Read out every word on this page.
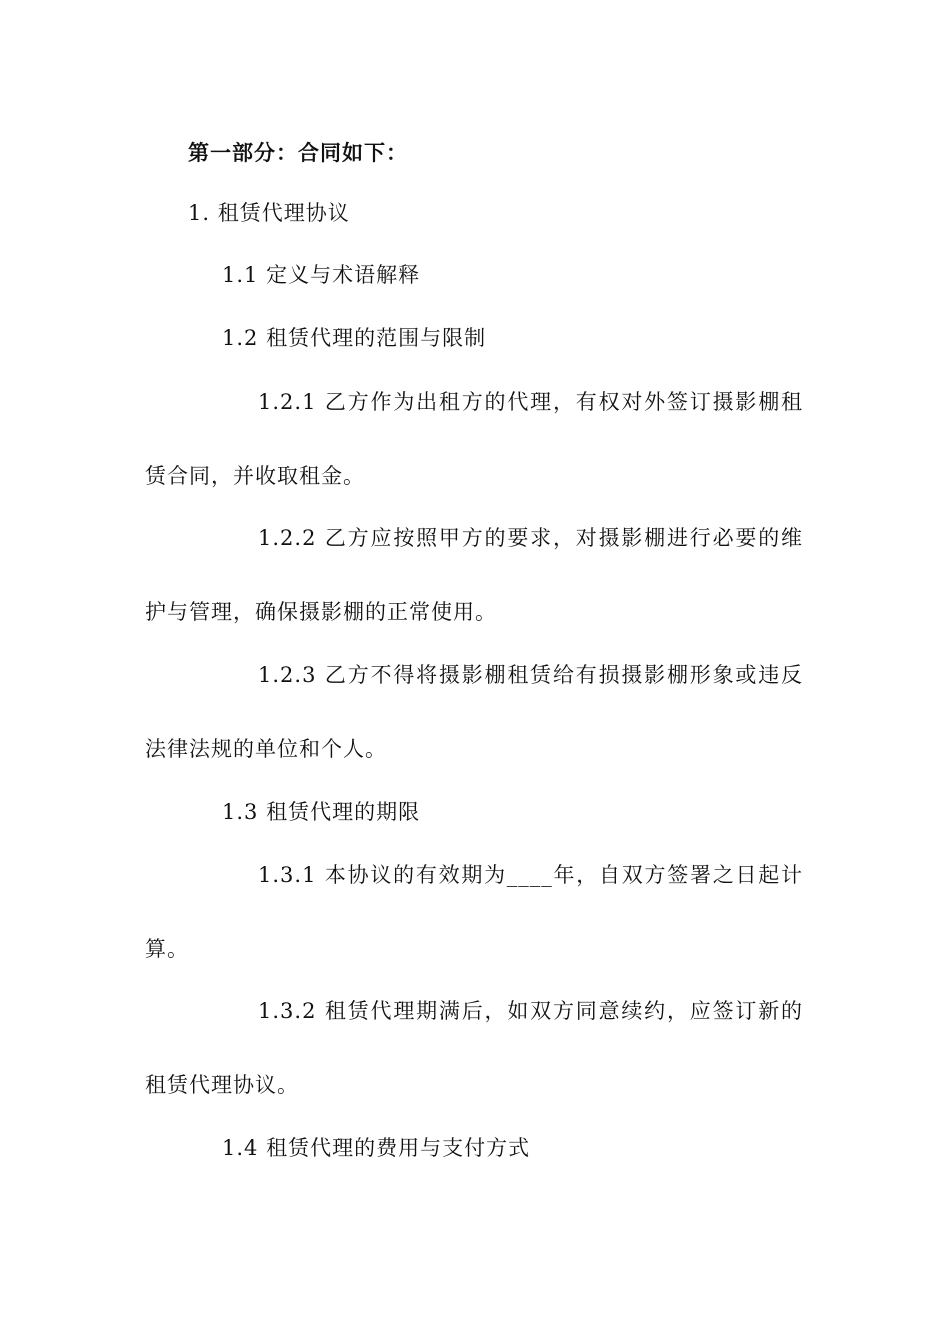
第一部分：合同如下：
1. 租赁代理协议
1.1 定义与术语解释
1.2 租赁代理的范围与限制
1.2.1 乙方作为出租方的代理，有权对外签订摄影棚租
赁合同，并收取租金。
1.2.2 乙方应按照甲方的要求，对摄影棚进行必要的维
护与管理，确保摄影棚的正常使用。
1.2.3 乙方不得将摄影棚租赁给有损摄影棚形象或违反
法律法规的单位和个人。
1.3 租赁代理的期限
1.3.1 本协议的有效期为____年，自双方签署之日起计
算。
1.3.2 租赁代理期满后，如双方同意续约，应签订新的
租赁代理协议。
1.4 租赁代理的费用与支付方式
